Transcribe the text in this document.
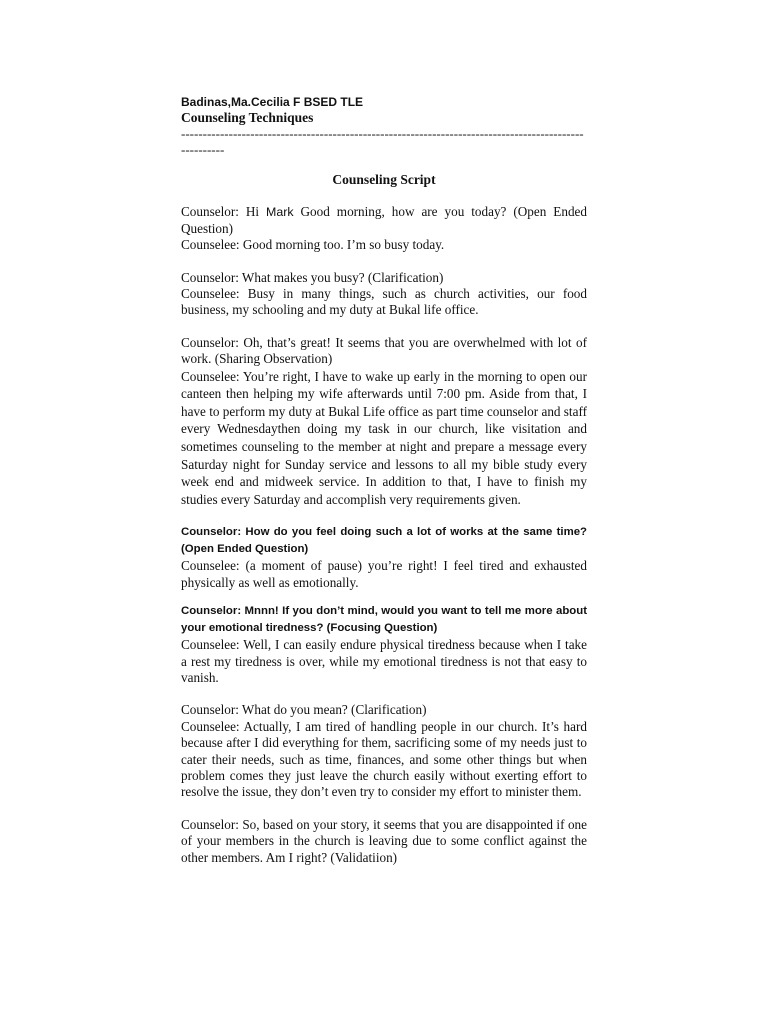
Badinas,Ma.Cecilia F BSED TLE
Counseling Techniques
-------------------------------------------------------------------------------------------------------
Counseling Script
Counselor: Hi Mark Good morning, how are you today? (Open Ended Question)
Counselee: Good morning too. I’m so busy today.
Counselor: What makes you busy? (Clarification)
Counselee: Busy in many things, such as church activities, our food business, my schooling and my duty at Bukal life office.
Counselor: Oh, that’s great! It seems that you are overwhelmed with lot of work. (Sharing Observation)
Counselee: You’re right, I have to wake up early in the morning to open our canteen then helping my wife afterwards until 7:00 pm. Aside from that, I have to perform my duty at Bukal Life office as part time counselor and staff every Wednesdaythen doing my task in our church, like visitation and sometimes counseling to the member at night and prepare a message every Saturday night for Sunday service and lessons to all my bible study every week end and midweek service. In addition to that, I have to finish my studies every Saturday and accomplish very requirements given.
Counselor: How do you feel doing such a lot of works at the same time? (Open Ended Question)
Counselee: (a moment of pause) you’re right! I feel tired and exhausted physically as well as emotionally.
Counselor: Mnnn! If you don’t mind, would you want to tell me more about your emotional tiredness? (Focusing Question)
Counselee: Well, I can easily endure physical tiredness because when I take a rest my tiredness is over, while my emotional tiredness is not that easy to vanish.
Counselor: What do you mean? (Clarification)
Counselee: Actually, I am tired of handling people in our church. It’s hard because after I did everything for them, sacrificing some of my needs just to cater their needs, such as time, finances, and some other things but when problem comes they just leave the church easily without exerting effort to resolve the issue, they don’t even try to consider my effort to minister them.
Counselor: So, based on your story, it seems that you are disappointed if one of your members in the church is leaving due to some conflict against the other members. Am I right? (Validatiion)
